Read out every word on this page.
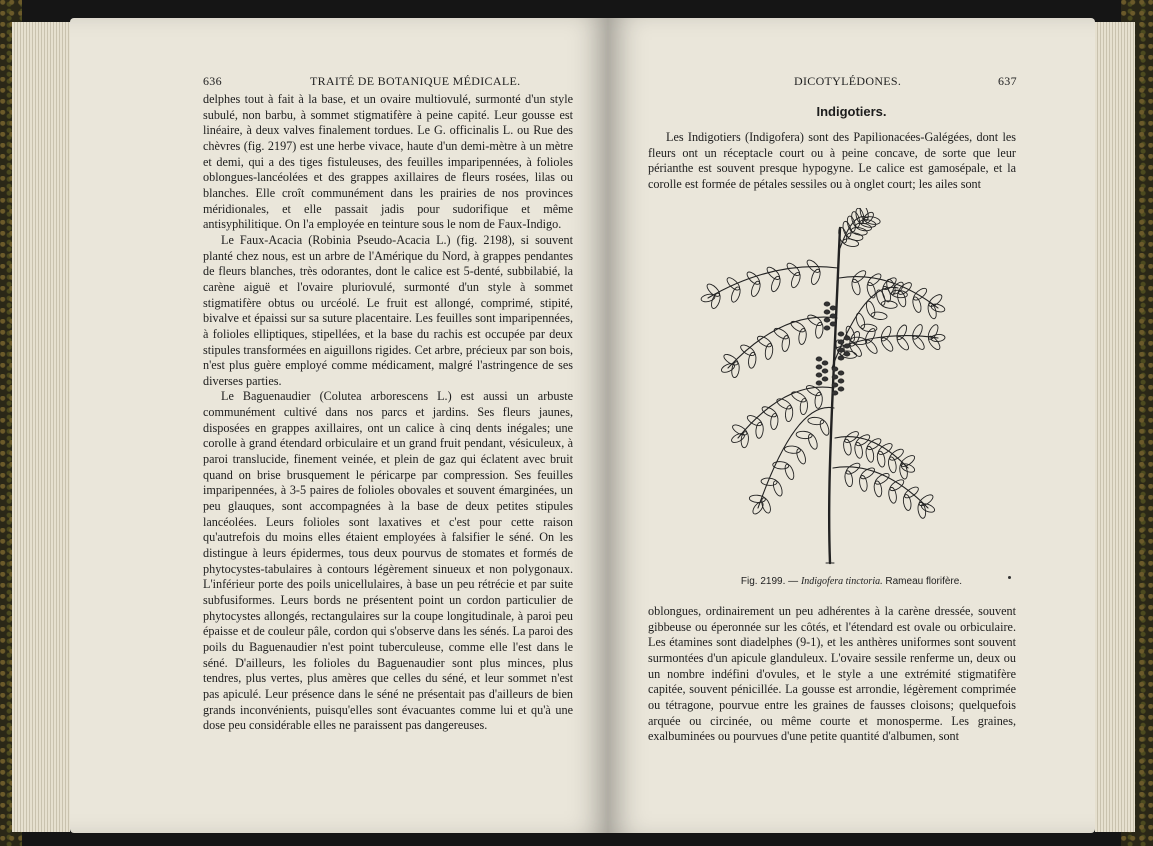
636	TRAITÉ DE BOTANIQUE MÉDICALE.

delphes tout à fait à la base, et un ovaire multiovulé, surmonté d'un style subulé, non barbu, à sommet stigmatifère à peine capité. Leur gousse est linéaire, à deux valves finalement tordues. Le G. officinalis L. ou Rue des chèvres (fig. 2197) est une herbe vivace, haute d'un demi-mètre à un mètre et demi, qui a des tiges fistuleuses, des feuilles imparipennées, à folioles oblongues-lancéolées et des grappes axillaires de fleurs rosées, lilas ou blanches. Elle croît communément dans les prairies de nos provinces méridionales, et elle passait jadis pour sudorifique et même antisyphilitique. On l'a employée en teinture sous le nom de Faux-Indigo.

Le Faux-Acacia (Robinia Pseudo-Acacia L.) (fig. 2198), si souvent planté chez nous, est un arbre de l'Amérique du Nord, à grappes pendantes de fleurs blanches, très odorantes, dont le calice est 5-denté, subbilabié, la carène aiguë et l'ovaire pluriovulé, surmonté d'un style à sommet stigmatifère obtus ou urcéolé. Le fruit est allongé, comprimé, stipité, bivalve et épaissi sur sa suture placentaire. Les feuilles sont imparipennées, à folioles elliptiques, stipellées, et la base du rachis est occupée par deux stipules transformées en aiguillons rigides. Cet arbre, précieux par son bois, n'est plus guère employé comme médicament, malgré l'astringence de ses diverses parties.

Le Baguenaudier (Colutea arborescens L.) est aussi un arbuste communément cultivé dans nos parcs et jardins. Ses fleurs jaunes, disposées en grappes axillaires, ont un calice à cinq dents inégales; une corolle à grand étendard orbiculaire et un grand fruit pendant, vésiculeux, à paroi translucide, finement veinée, et plein de gaz qui éclatent avec bruit quand on brise brusquement le péricarpe par compression. Ses feuilles imparipennées, à 3-5 paires de folioles obovales et souvent émarginées, un peu glauques, sont accompagnées à la base de deux petites stipules lancéolées. Leurs folioles sont laxatives et c'est pour cette raison qu'autrefois du moins elles étaient employées à falsifier le séné. On les distingue à leurs épidermes, tous deux pourvus de stomates et formés de phytocystes-tabulaires à contours légèrement sinueux et non polygonaux. L'inférieur porte des poils unicellulaires, à base un peu rétrécie et par suite subfusiformes. Leurs bords ne présentent point un cordon particulier de phytocystes allongés, rectangulaires sur la coupe longitudinale, à paroi peu épaisse et de couleur pâle, cordon qui s'observe dans les sénés. La paroi des poils du Baguenaudier n'est point tuberculeuse, comme elle l'est dans le séné. D'ailleurs, les folioles du Baguenaudier sont plus minces, plus tendres, plus vertes, plus amères que celles du séné, et leur sommet n'est pas apiculé. Leur présence dans le séné ne présentait pas d'ailleurs de bien grands inconvénients, puisqu'elles sont évacuantes comme lui et qu'à une dose peu considérable elles ne paraissent pas dangereuses.

DICOTYLÉDONES.	637
Indigotiers.

Les Indigotiers (Indigofera) sont des Papilionacées-Galégées, dont les fleurs ont un réceptacle court ou à peine concave, de sorte que leur périanthe est souvent presque hypogyne. Le calice est gamosépale, et la corolle est formée de pétales sessiles ou à onglet court; les ailes sont

Fig. 2199. — Indigofera tinctoria. Rameau florifère.

oblongues, ordinairement un peu adhérentes à la carène dressée, souvent gibbeuse ou éperonnée sur les côtés, et l'étendard est ovale ou orbiculaire. Les étamines sont diadelphes (9-1), et les anthères uniformes sont souvent surmontées d'un apicule glanduleux. L'ovaire sessile renferme un, deux ou un nombre indéfini d'ovules, et le style a une extrémité stigmatifère capitée, souvent pénicillée. La gousse est arrondie, légèrement comprimée ou tétragone, pourvue entre les graines de fausses cloisons; quelquefois arquée ou circinée, ou même courte et monosperme. Les graines, exalbuminées ou pourvues d'une petite quantité d'albumen, sont
